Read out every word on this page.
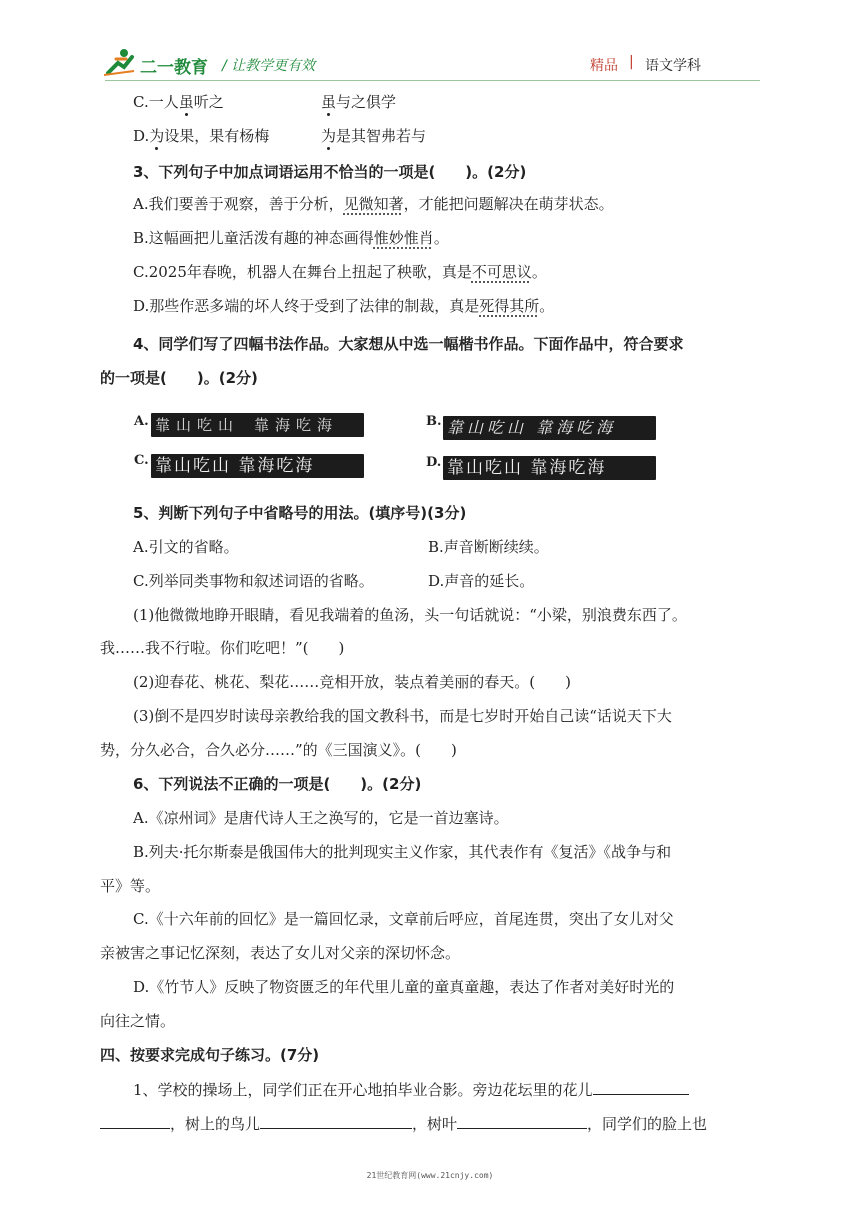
二一教育 / 让教学更有效	精品 | 语文学科
C.一人虽听之	虽与之俱学
D.为设果，果有杨梅	为是其智弗若与
3、下列句子中加点词语运用不恰当的一项是(　　)。(2分)
A.我们要善于观察，善于分析，见微知著，才能把问题解决在萌芽状态。
B.这幅画把儿童活泼有趣的神态画得惟妙惟肖。
C.2025年春晚，机器人在舞台上扭起了秧歌，真是不可思议。
D.那些作恶多端的坏人终于受到了法律的制裁，真是死得其所。
4、同学们写了四幅书法作品。大家想从中选一幅楷书作品。下面作品中，符合要求
的一项是(　　)。(2分)
A. 靠山吃山 靠海吃海	B. 靠山吃山 靠海吃海
C. 靠山吃山 靠海吃海	D. 靠山吃山 靠海吃海
5、判断下列句子中省略号的用法。(填序号)(3分)
A.引文的省略。	B.声音断断续续。
C.列举同类事物和叙述词语的省略。	D.声音的延长。
(1)他微微地睁开眼睛，看见我端着的鱼汤，头一句话就说：“小梁，别浪费东西了。
我……我不行啦。你们吃吧！”(　　)
(2)迎春花、桃花、梨花……竞相开放，装点着美丽的春天。(　　)
(3)倒不是四岁时读母亲教给我的国文教科书，而是七岁时开始自己读“话说天下大
势，分久必合，合久必分……”的《三国演义》。(　　)
6、下列说法不正确的一项是(　　)。(2分)
A.《凉州词》是唐代诗人王之涣写的，它是一首边塞诗。
B.列夫·托尔斯泰是俄国伟大的批判现实主义作家，其代表作有《复活》《战争与和
平》等。
C.《十六年前的回忆》是一篇回忆录，文章前后呼应，首尾连贯，突出了女儿对父
亲被害之事记忆深刻，表达了女儿对父亲的深切怀念。
D.《竹节人》反映了物资匮乏的年代里儿童的童真童趣，表达了作者对美好时光的
向往之情。
四、按要求完成句子练习。(7分)
1、学校的操场上，同学们正在开心地拍毕业合影。旁边花坛里的花儿
，树上的鸟儿	，树叶	，同学们的脸上也
21世纪教育网(www.21cnjy.com)
